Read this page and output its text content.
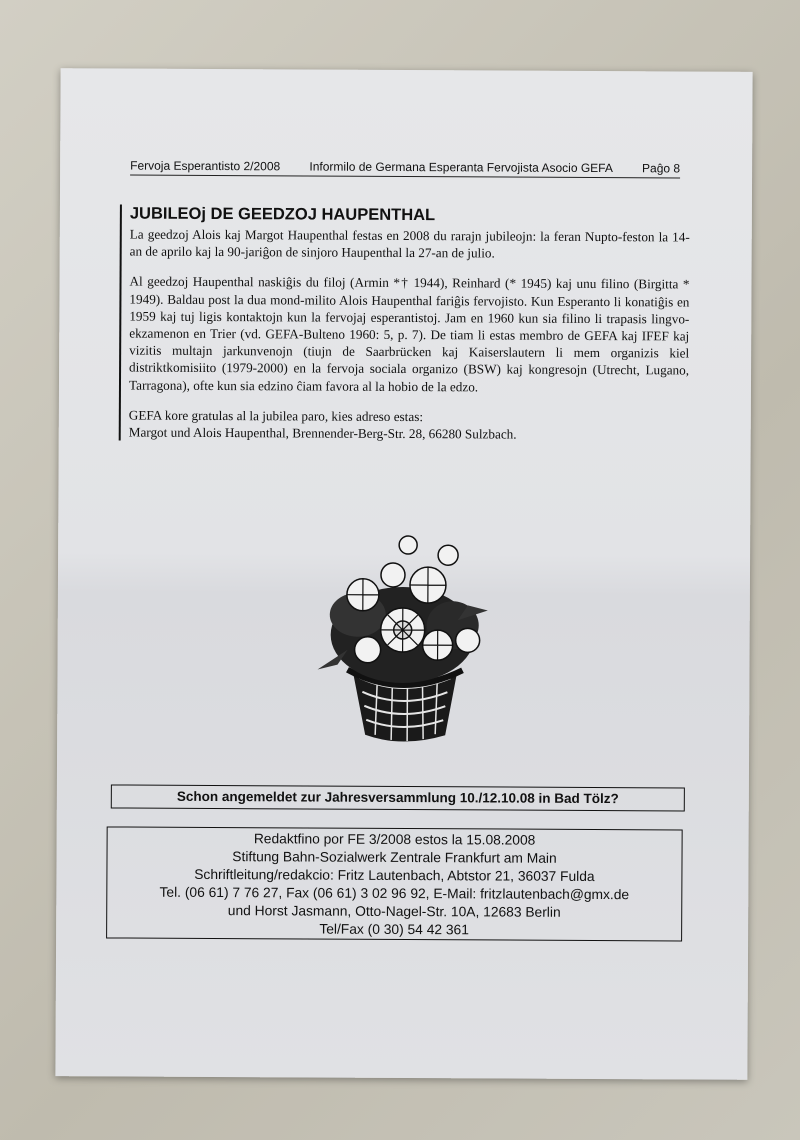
Fervoja Esperantisto 2/2008 Informilo de Germana Esperanta Fervojista Asocio GEFA Paĝo 8
JUBILEOj DE GEEDZOJ HAUPENTHAL

La geedzoj Alois kaj Margot Haupenthal festas en 2008 du rarajn jubileojn: la feran Nupto-feston la 14-an de aprilo kaj la 90-jariĝon de sinjoro Haupenthal la 27-an de julio.

Al geedzoj Haupenthal naskiĝis du filoj (Armin *† 1944), Reinhard (* 1945) kaj unu filino (Birgitta * 1949). Baldau post la dua mond-milito Alois Haupenthal fariĝis fervojisto. Kun Esperanto li konatiĝis en 1959 kaj tuj ligis kontaktojn kun la fervojaj esperantistoj. Jam en 1960 kun sia filino li trapasis lingvo-ekzamenon en Trier (vd. GEFA-Bulteno 1960: 5, p. 7). De tiam li estas membro de GEFA kaj IFEF kaj vizitis multajn jarkunvenojn (tiujn de Saarbrücken kaj Kaiserslautern li mem organizis kiel distriktkomisiito (1979-2000) en la fervoja sociala organizo (BSW) kaj kongresojn (Utrecht, Lugano, Tarragona), ofte kun sia edzino ĉiam favora al la hobio de la edzo.

GEFA kore gratulas al la jubilea paro, kies adreso estas:
Margot und Alois Haupenthal, Brennender-Berg-Str. 28, 66280 Sulzbach.

Schon angemeldet zur Jahresversammlung 10./12.10.08 in Bad Tölz?
Redaktfino por FE 3/2008 estos la 15.08.2008
Stiftung Bahn-Sozialwerk Zentrale Frankfurt am Main
Schriftleitung/redakcio: Fritz Lautenbach, Abtstor 21, 36037 Fulda
Tel. (06 61) 7 76 27, Fax (06 61) 3 02 96 92, E-Mail: fritzlautenbach@gmx.de
und Horst Jasmann, Otto-Nagel-Str. 10A, 12683 Berlin
Tel/Fax (0 30) 54 42 361
